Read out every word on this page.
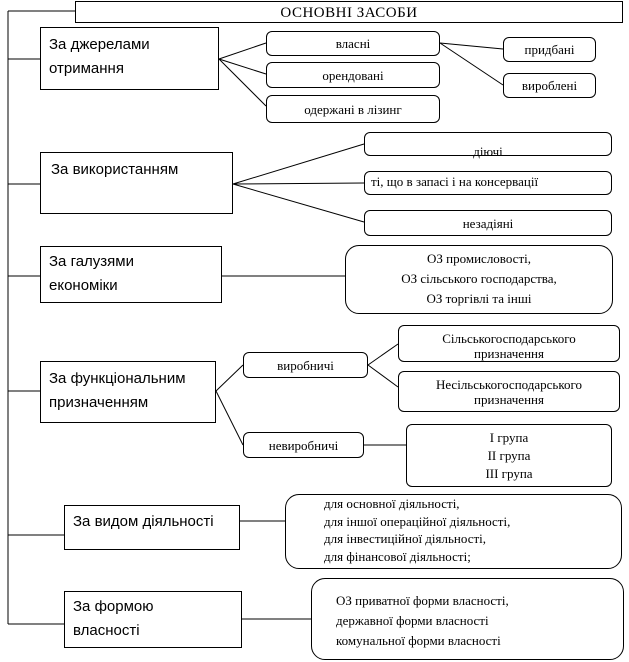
ОСНОВНІ ЗАСОБИ
За джерелами
отримання
власні
орендовані
одержані в лізинг
придбані
вироблені
За використанням
діючі
ті, що в запасі і на консервації
незадіяні
За галузями
економіки
ОЗ промисловості,
ОЗ сільського господарства,
ОЗ торгівлі та інші
За функціональним
призначенням
виробничі
Сільськогосподарського
призначення
Несільськогосподарського
призначення
невиробничі
І група
ІІ група
ІІІ група
За видом діяльності
для основної діяльності,
для іншої операційної діяльності,
для інвестиційної діяльності,
для фінансової діяльності;
За формою
власності
ОЗ приватної форми власності,
державної форми власності
комунальної форми власності
